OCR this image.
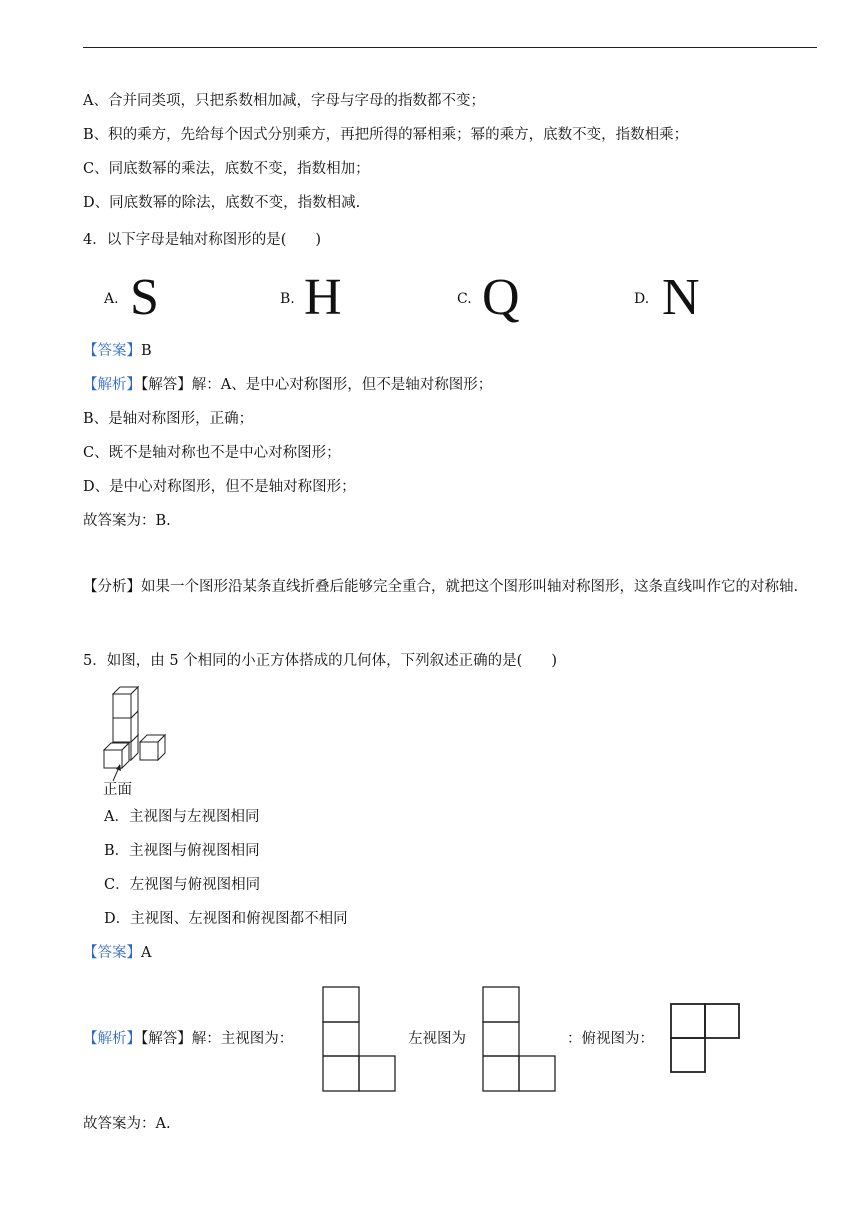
A、合并同类项，只把系数相加减，字母与字母的指数都不变；
B、积的乘方，先给每个因式分别乘方，再把所得的幂相乘；幂的乘方，底数不变，指数相乘；
C、同底数幂的乘法，底数不变，指数相加；
D、同底数幂的除法，底数不变，指数相减.
4．以下字母是轴对称图形的是(　　)
A. S	B. H	C. Q	D. N
【答案】B
【解析】【解答】解：A、是中心对称图形，但不是轴对称图形；
B、是轴对称图形，正确；
C、既不是轴对称也不是中心对称图形；
D、是中心对称图形，但不是轴对称图形；
故答案为：B.
【分析】如果一个图形沿某条直线折叠后能够完全重合，就把这个图形叫轴对称图形，这条直线叫作它的对称轴.
5．如图，由 5 个相同的小正方体搭成的几何体，下列叙述正确的是(　　)
正面
A．主视图与左视图相同
B．主视图与俯视图相同
C．左视图与俯视图相同
D．主视图、左视图和俯视图都不相同
【答案】A
【解析】【解答】解：主视图为：	左视图为	：俯视图为：
故答案为：A.
